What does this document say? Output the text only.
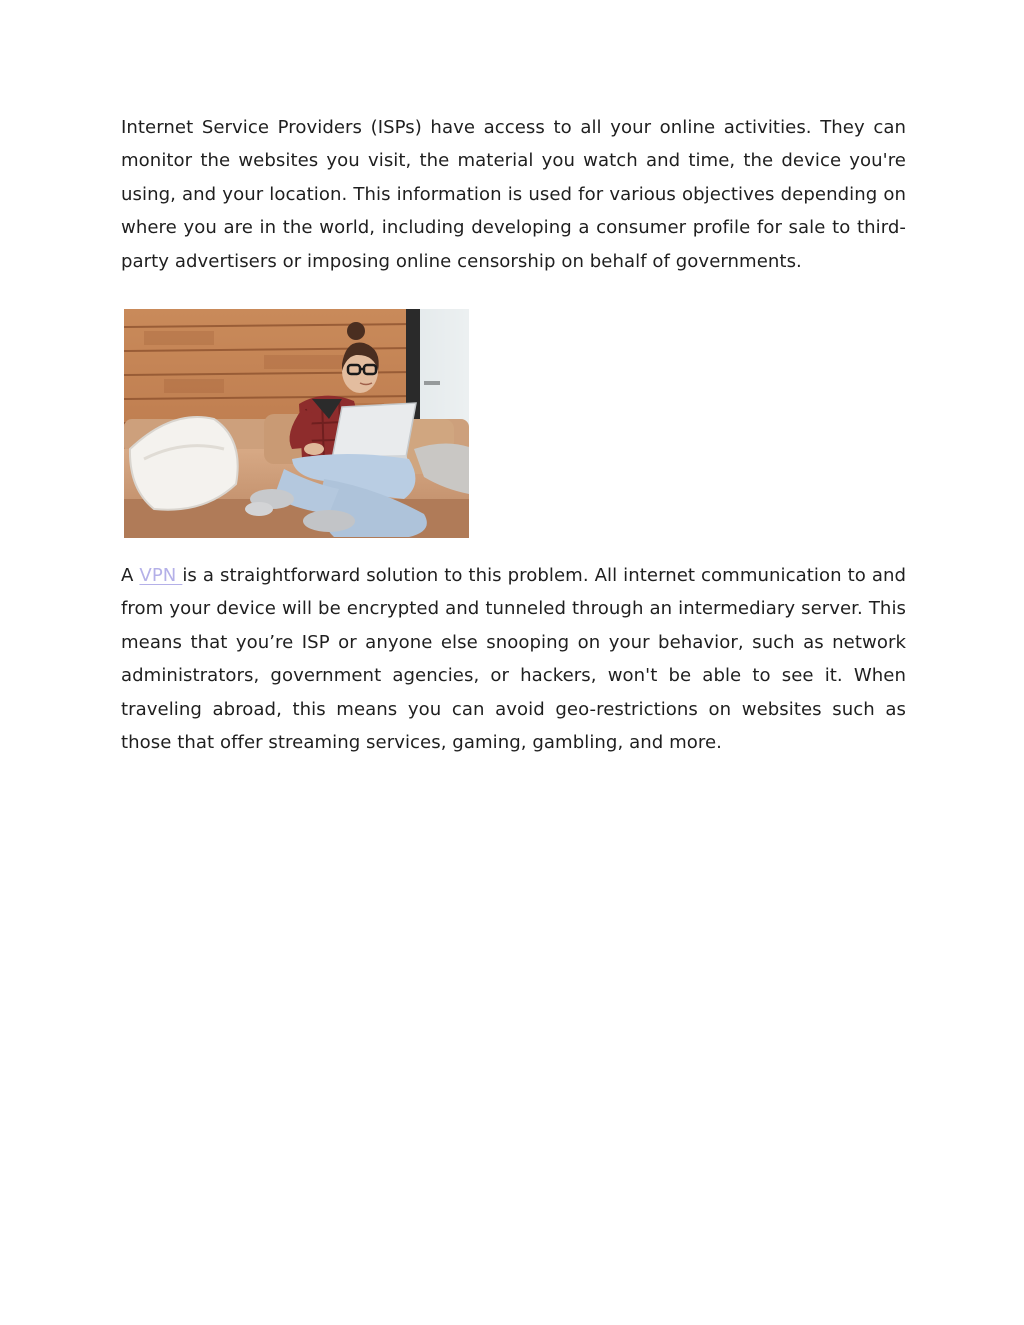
Internet Service Providers (ISPs) have access to all your online activities. They can monitor the websites you visit, the material you watch and time, the device you're using, and your location. This information is used for various objectives depending on where you are in the world, including developing a consumer profile for sale to third-party advertisers or imposing online censorship on behalf of governments.

A VPN is a straightforward solution to this problem. All internet communication to and from your device will be encrypted and tunneled through an intermediary server. This means that you’re ISP or anyone else snooping on your behavior, such as network administrators, government agencies, or hackers, won't be able to see it. When traveling abroad, this means you can avoid geo-restrictions on websites such as those that offer streaming services, gaming, gambling, and more.
